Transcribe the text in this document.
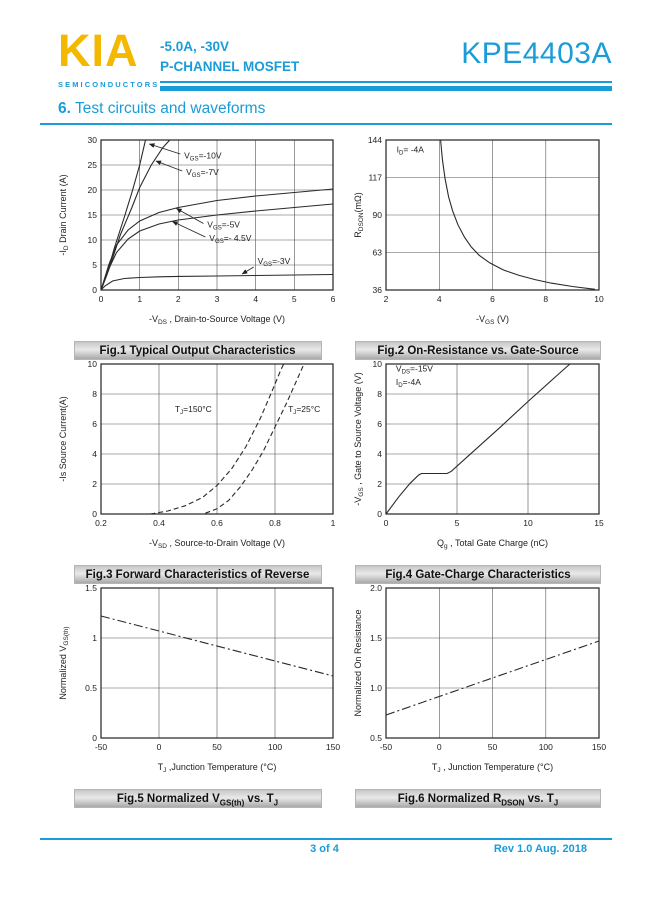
KIA
SEMICONDUCTORS
-5.0A, -30V
P-CHANNEL MOSFET	KPE4403A
6. Test circuits and waveforms
0	1	2	3	4	5	6
0
5
10
15
20
25
30
$V_{GS}=-10V$
$V_{GS}=-7V$
$V_{GS}=-5V$
$V_{GS}=-$ 4.5V
$V_{GS}=-3V$
$-V_{DS}$ , Drain-to-Source Voltage (V)
$-I_D$ Drain Current (A)
Fig.1 Typical Output Characteristics
2	4	6	8	10
36
63
90
117
144
$I_D= -4A$
$-V_{GS}$ (V)
$R_{DSON}(m\Omega)$
Fig.2 On-Resistance vs. Gate-Source
0.2	0.4	0.6	0.8	1
0
2
4
6
8
10
$T_J=150^\circ C$	$T_J=25^\circ C$
$-V_{SD}$ , Source-to-Drain Voltage (V)
-Is Source Current(A)
Fig.3 Forward Characteristics of Reverse
0	5	10	15
0
2
4
6
8
10 $V_{DS}=-15V$
$I_D=-4A$
$Q_g$ , Total Gate Charge (nC)
$-V_{GS}$ , Gate to Source Voltage (V)
Fig.4 Gate-Charge Characteristics
-50	0	50	100	150
0
0.5
1
1.5
$T_J$ ,Junction Temperature (°C)
Normalized $V_{GS(th)}$
Fig.5 Normalized $V_{GS(th)}$ vs. $T_J$
-50	0	50	100	150
0.5
1.0
1.5
2.0
$T_J$ , Junction Temperature (°C)
Normalized On Resistance
Fig.6 Normalized $R_{DSON}$ vs. $T_J$
3 of 4	Rev 1.0 Aug. 2018
